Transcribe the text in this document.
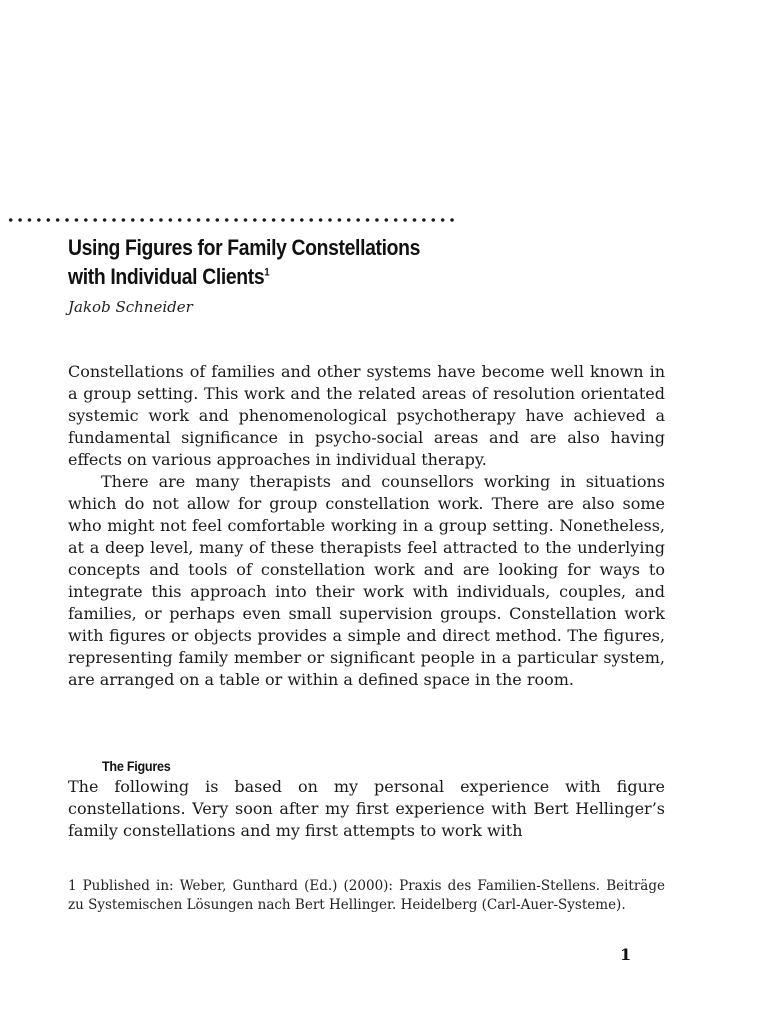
Using Figures for Family Constellations
with Individual Clients$^1$
Jakob Schneider

Constellations of families and other systems have become well known in a group setting. This work and the related areas of resolution orientated systemic work and phenomenological psychotherapy have achieved a fundamental significance in psycho-social areas and are also having effects on various approaches in individual therapy.

There are many therapists and counsellors working in situations which do not allow for group constellation work. There are also some who might not feel comfortable working in a group setting. Nonetheless, at a deep level, many of these therapists feel attracted to the underlying concepts and tools of constellation work and are looking for ways to integrate this approach into their work with individuals, couples, and families, or perhaps even small supervision groups. Constellation work with figures or objects provides a simple and direct method. The figures, representing family member or significant people in a particular system, are arranged on a table or within a defined space in the room.

The Figures

The following is based on my personal experience with figure constellations. Very soon after my first experience with Bert Hellinger’s family constellations and my first attempts to work with

1 Published in: Weber, Gunthard (Ed.) (2000): Praxis des Familien-Stellens. Beiträge zu Systemischen Lösungen nach Bert Hellinger. Heidelberg (Carl-Auer-Systeme).

1
